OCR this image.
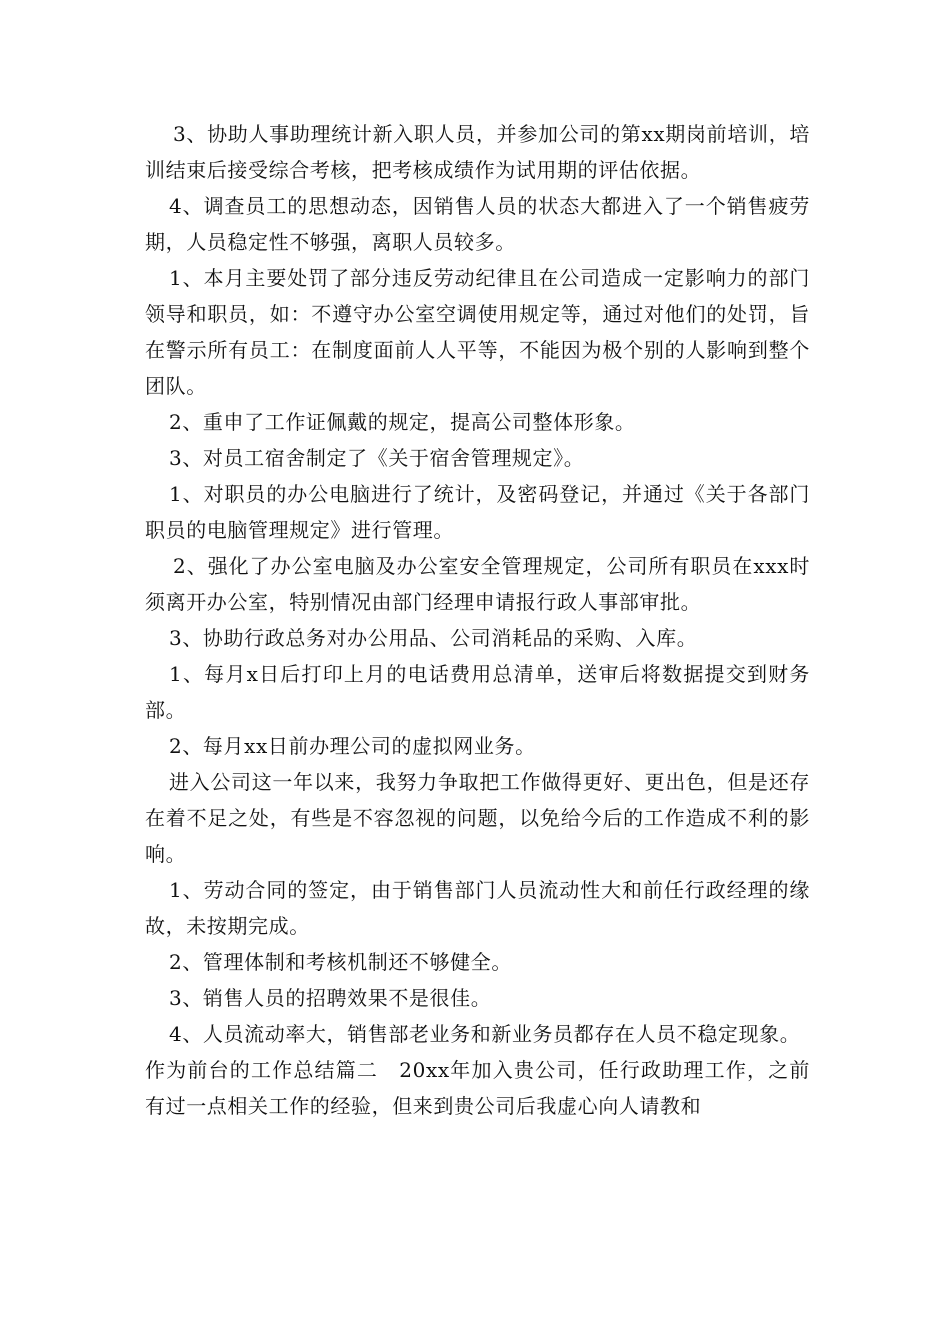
3、协助人事助理统计新入职人员，并参加公司的第xx期岗前培训，培训结束后接受综合考核，把考核成绩作为试用期的评估依据。

4、调查员工的思想动态，因销售人员的状态大都进入了一个销售疲劳期，人员稳定性不够强，离职人员较多。

1、本月主要处罚了部分违反劳动纪律且在公司造成一定影响力的部门领导和职员，如：不遵守办公室空调使用规定等，通过对他们的处罚，旨在警示所有员工：在制度面前人人平等，不能因为极个别的人影响到整个团队。

2、重申了工作证佩戴的规定，提高公司整体形象。

3、对员工宿舍制定了《关于宿舍管理规定》。

1、对职员的办公电脑进行了统计，及密码登记，并通过《关于各部门职员的电脑管理规定》进行管理。

2、强化了办公室电脑及办公室安全管理规定，公司所有职员在xxx时须离开办公室，特别情况由部门经理申请报行政人事部审批。

3、协助行政总务对办公用品、公司消耗品的采购、入库。

1、每月x日后打印上月的电话费用总清单，送审后将数据提交到财务部。

2、每月xx日前办理公司的虚拟网业务。

进入公司这一年以来，我努力争取把工作做得更好、更出色，但是还存在着不足之处，有些是不容忽视的问题，以免给今后的工作造成不利的影响。

1、劳动合同的签定，由于销售部门人员流动性大和前任行政经理的缘故，未按期完成。

2、管理体制和考核机制还不够健全。

3、销售人员的招聘效果不是很佳。

4、人员流动率大，销售部老业务和新业务员都存在人员不稳定现象。

作为前台的工作总结篇二　20xx年加入贵公司，任行政助理工作，之前有过一点相关工作的经验，但来到贵公司后我虚心向人请教和
